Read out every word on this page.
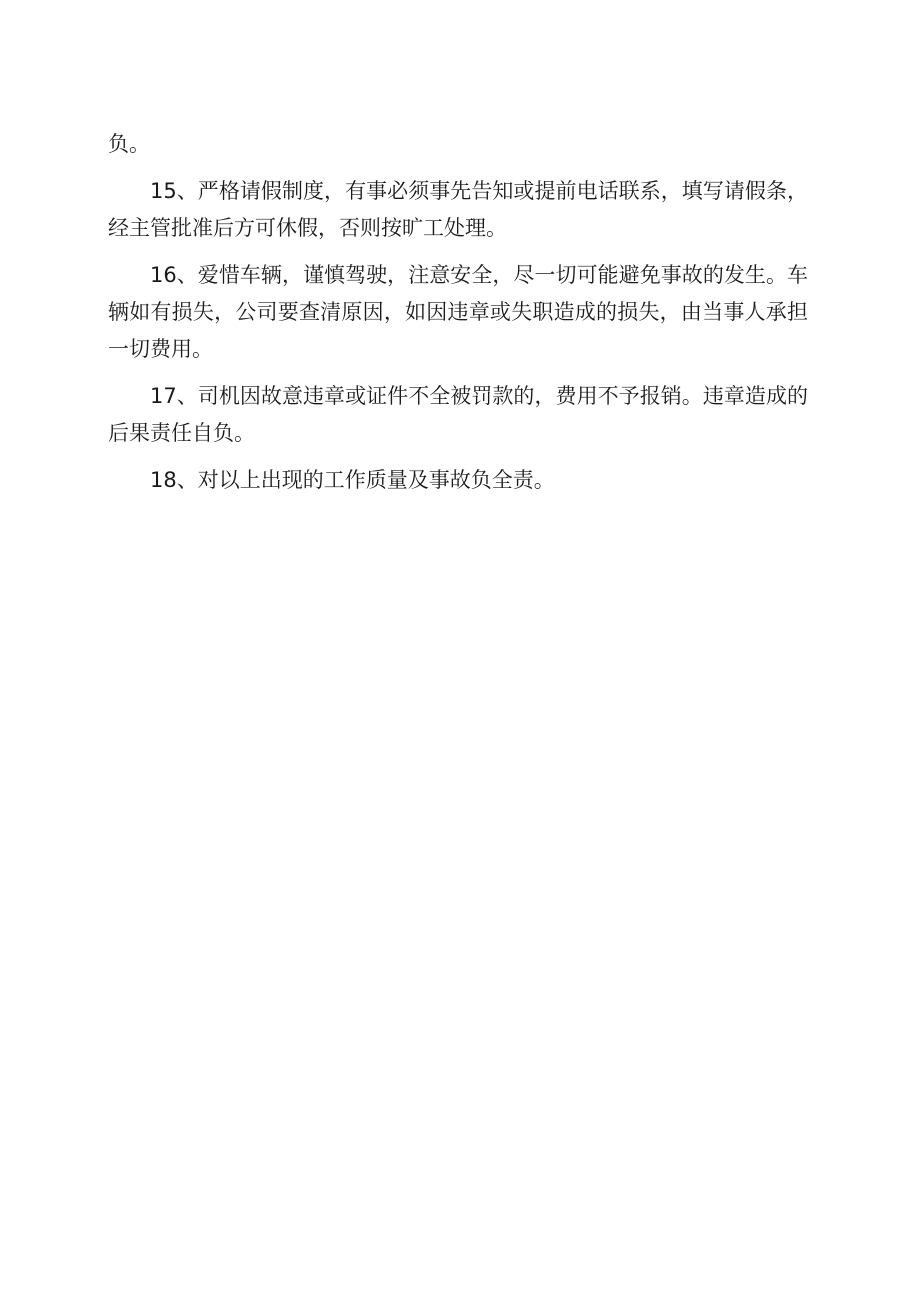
负。

15、严格请假制度，有事必须事先告知或提前电话联系，填写请假条，经主管批准后方可休假，否则按旷工处理。

16、爱惜车辆，谨慎驾驶，注意安全，尽一切可能避免事故的发生。车辆如有损失，公司要查清原因，如因违章或失职造成的损失，由当事人承担一切费用。

17、司机因故意违章或证件不全被罚款的，费用不予报销。违章造成的后果责任自负。

18、对以上出现的工作质量及事故负全责。
